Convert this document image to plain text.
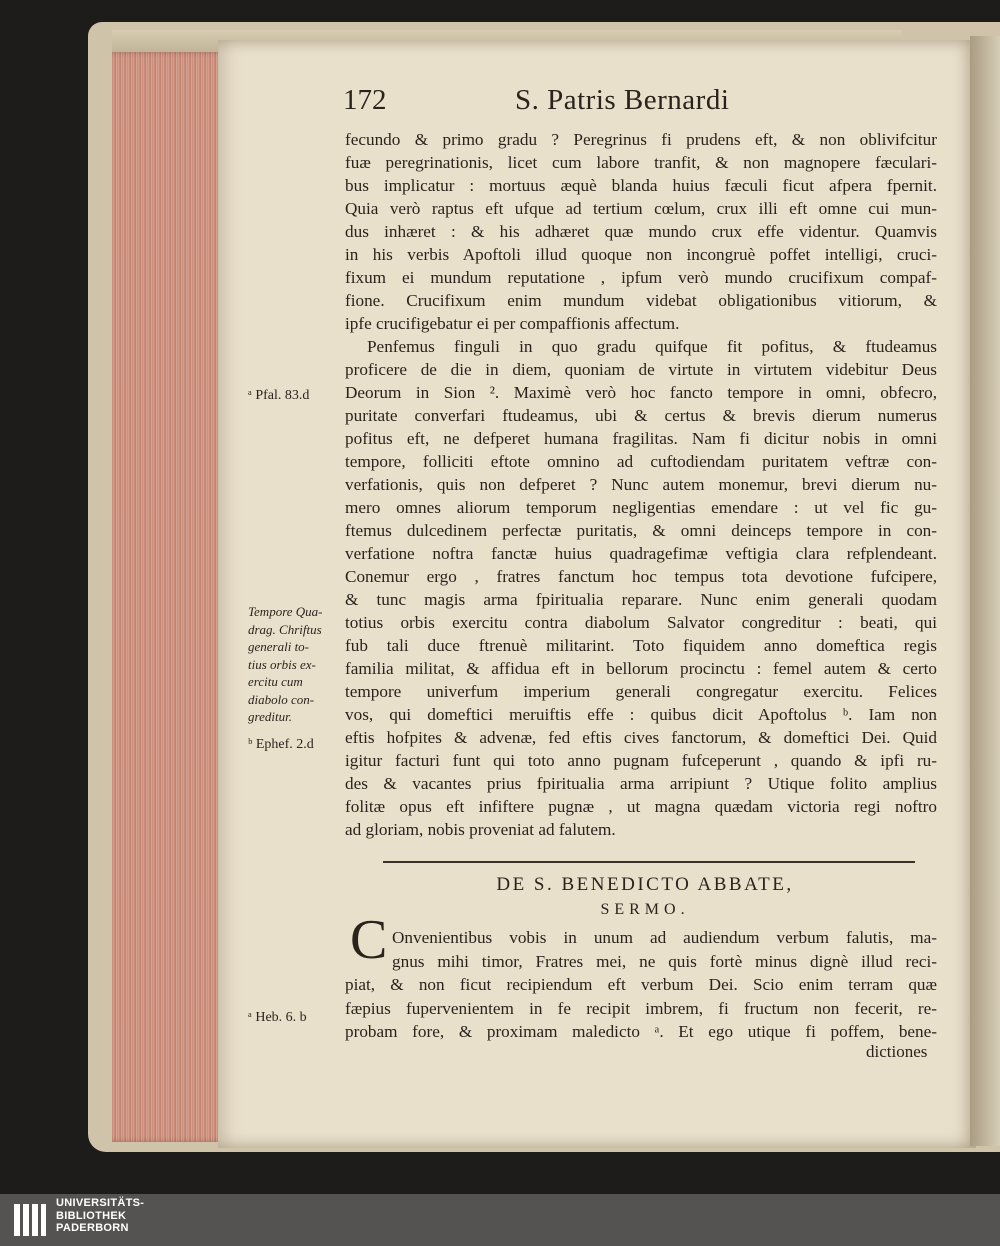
172	S. Patris Bernardi
fecundo & primo gradu ? Peregrinus fi prudens eft, & non oblivifcitur
fuæ peregrinationis, licet cum labore tranfit, & non magnopere fæculari-
bus implicatur : mortuus æquè blanda huius fæculi ficut afpera fpernit.
Quia verò raptus eft ufque ad tertium cœlum, crux illi eft omne cui mun-
dus inhæret : & his adhæret quæ mundo crux effe videntur. Quamvis
in his verbis Apoftoli illud quoque non incongruè poffet intelligi, cruci-
fixum ei mundum reputatione , ipfum verò mundo crucifixum compaf-
fione. Crucifixum enim mundum videbat obligationibus vitiorum, &
ipfe crucifigebatur ei per compaffionis affectum.
Penfemus finguli in quo gradu quifque fit pofitus, & ftudeamus
proficere de die in diem, quoniam de virtute in virtutem videbitur Deus
Deorum in Sion ². Maximè verò hoc fancto tempore in omni, obfecro,
puritate converfari ftudeamus, ubi & certus & brevis dierum numerus
pofitus eft, ne defperet humana fragilitas. Nam fi dicitur nobis in omni
tempore, folliciti eftote omnino ad cuftodiendam puritatem veftræ con-
verfationis, quis non defperet ? Nunc autem monemur, brevi dierum nu-
mero omnes aliorum temporum negligentias emendare : ut vel fic gu-
ftemus dulcedinem perfectæ puritatis, & omni deinceps tempore in con-
verfatione noftra fanctæ huius quadragefimæ veftigia clara refplendeant.
Conemur ergo , fratres fanctum hoc tempus tota devotione fufcipere,
& tunc magis arma fpiritualia reparare. Nunc enim generali quodam
totius orbis exercitu contra diabolum Salvator congreditur : beati, qui
fub tali duce ftrenuè militarint. Toto fiquidem anno domeftica regis
familia militat, & affidua eft in bellorum procinctu : femel autem & certo
tempore univerfum imperium generali congregatur exercitu. Felices
vos, qui domeftici meruiftis effe : quibus dicit Apoftolus ᵇ. Iam non
eftis hofpites & advenæ, fed eftis cives fanctorum, & domeftici Dei. Quid
igitur facturi funt qui toto anno pugnam fufceperunt , quando & ipfi ru-
des & vacantes prius fpiritualia arma arripiunt ? Utique folito amplius
folitæ opus eft infiftere pugnæ , ut magna quædam victoria regi noftro
ad gloriam, nobis proveniat ad falutem.
ᵃ Pfal. 83.d
Tempore Qua-
drag. Chriftus
generali to-
tius orbis ex-
ercitu cum
diabolo con-
greditur.
ᵇ Ephef. 2.d
ᵃ Heb. 6. b
DE S. BENEDICTO ABBATE,
SERMO.
C Onvenientibus vobis in unum ad audiendum verbum falutis, ma-
gnus mihi timor, Fratres mei, ne quis fortè minus dignè illud reci-
piat, & non ficut recipiendum eft verbum Dei. Scio enim terram quæ
fæpius fupervenientem in fe recipit imbrem, fi fructum non fecerit, re-
probam fore, & proximam maledicto ᵃ. Et ego utique fi poffem, bene-
dictiones
UNIVERSITÄTS-
BIBLIOTHEK
PADERBORN
